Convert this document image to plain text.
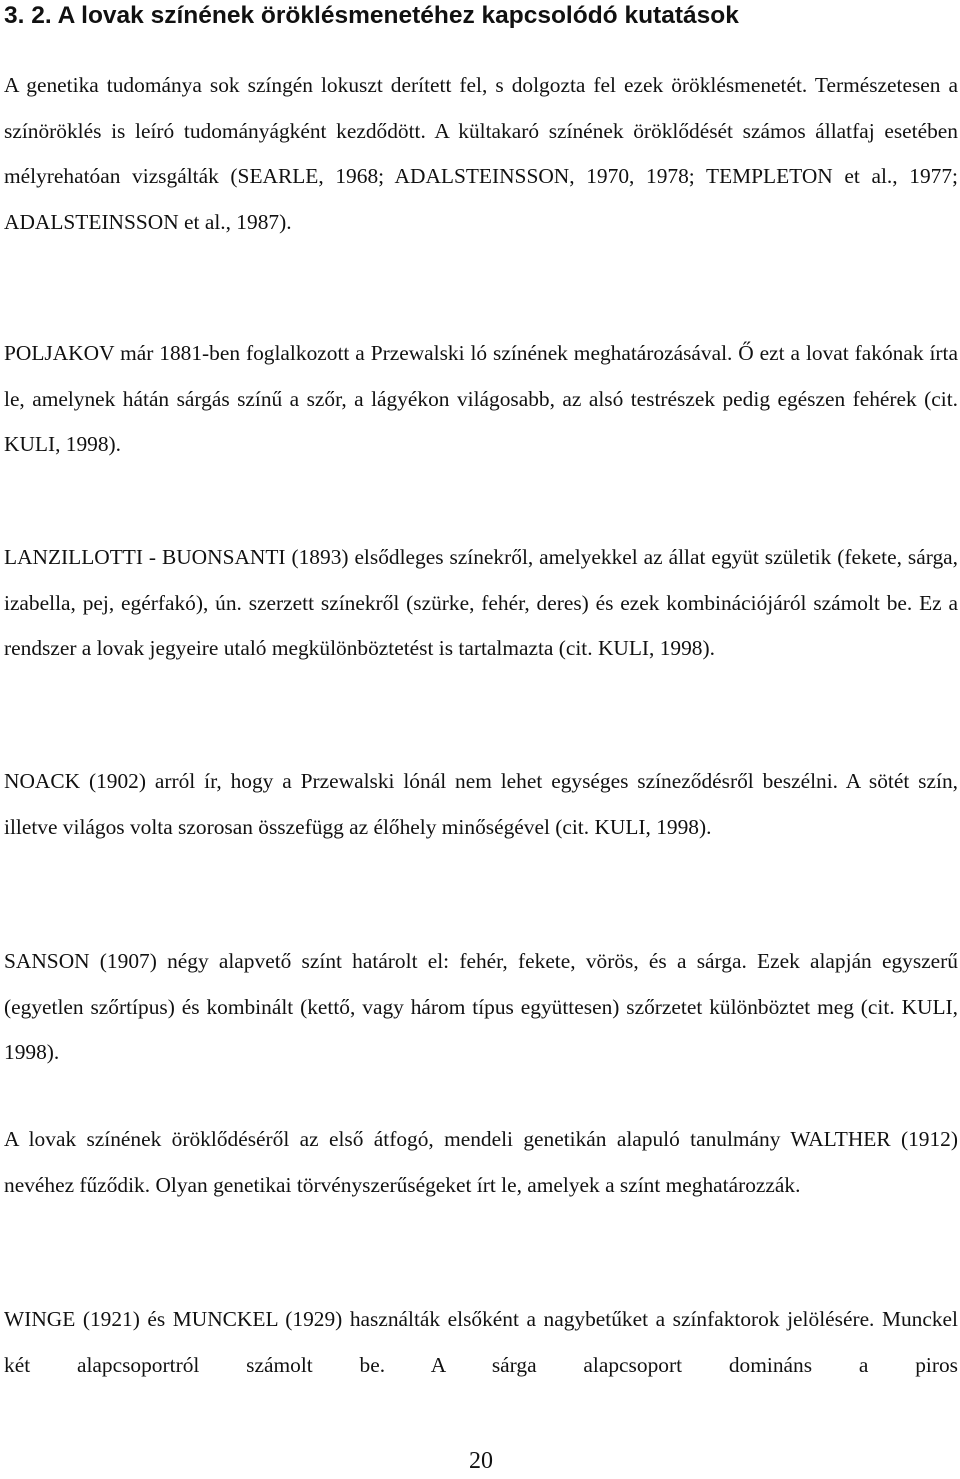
3. 2. A lovak színének öröklésmenetéhez kapcsolódó kutatások

A genetika tudománya sok színgén lokuszt derített fel, s dolgozta fel ezek öröklésmenetét. Természetesen a színöröklés is leíró tudományágként kezdődött. A kültakaró színének öröklődését számos állatfaj esetében mélyrehatóan vizsgálták (SEARLE, 1968; ADALSTEINSSON, 1970, 1978; TEMPLETON et al., 1977; ADALSTEINSSON et al., 1987).

POLJAKOV már 1881-ben foglalkozott a Przewalski ló színének meghatározásával. Ő ezt a lovat fakónak írta le, amelynek hátán sárgás színű a szőr, a lágyékon világosabb, az alsó testrészek pedig egészen fehérek (cit. KULI, 1998).

LANZILLOTTI - BUONSANTI (1893) elsődleges színekről, amelyekkel az állat együt születik (fekete, sárga, izabella, pej, egérfakó), ún. szerzett színekről (szürke, fehér, deres) és ezek kombinációjáról számolt be. Ez a rendszer a lovak jegyeire utaló megkülönböztetést is tartalmazta (cit. KULI, 1998).

NOACK (1902) arról ír, hogy a Przewalski lónál nem lehet egységes színeződésről beszélni. A sötét szín, illetve világos volta szorosan összefügg az élőhely minőségével (cit. KULI, 1998).

SANSON (1907) négy alapvető színt határolt el: fehér, fekete, vörös, és a sárga. Ezek alapján egyszerű (egyetlen szőrtípus) és kombinált (kettő, vagy három típus együttesen) szőrzetet különböztet meg (cit. KULI, 1998).

A lovak színének öröklődéséről az első átfogó, mendeli genetikán alapuló tanulmány WALTHER (1912) nevéhez fűződik. Olyan genetikai törvényszerűségeket írt le, amelyek a színt meghatározzák.

WINGE (1921) és MUNCKEL (1929) használták elsőként a nagybetűket a színfaktorok jelölésére. Munckel két alapcsoportról számolt be. A sárga alapcsoport domináns a piros

20
